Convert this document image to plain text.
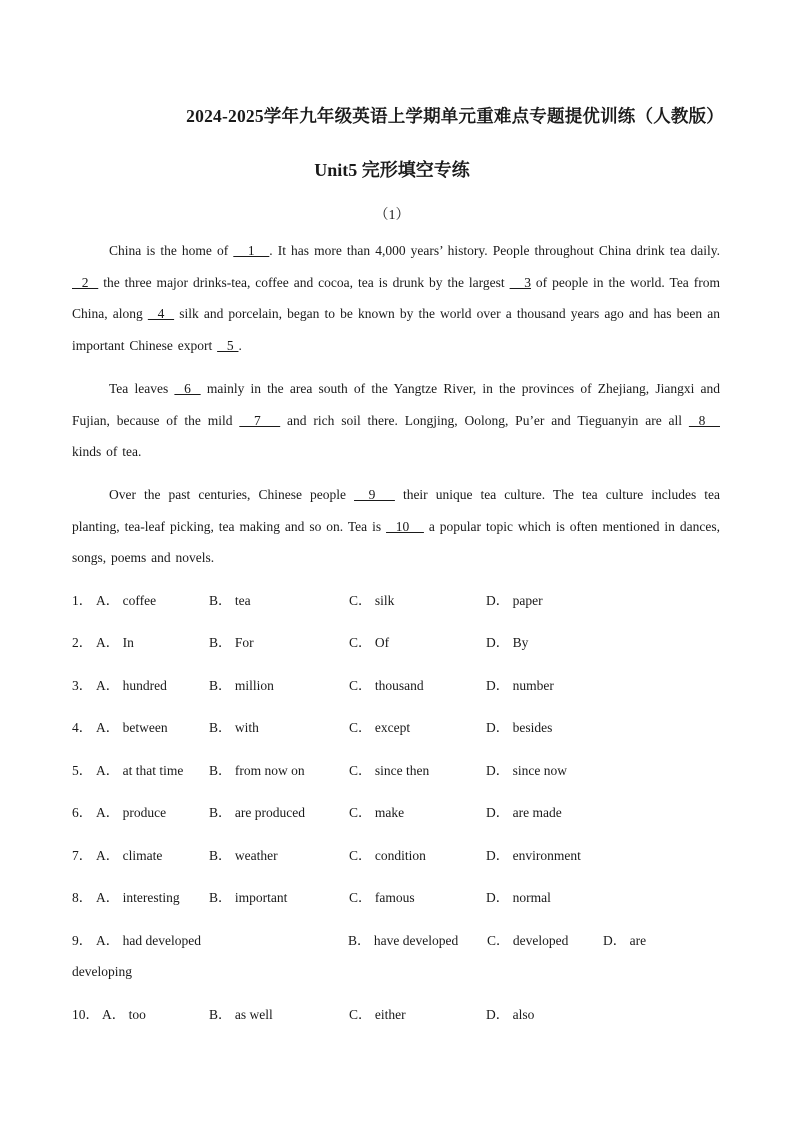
2024-2025学年九年级英语上学期单元重难点专题提优训练（人教版）
Unit5 完形填空专练
（1）
China is the home of    1   . It has more than 4,000 years’ history. People throughout China drink tea daily.   2   the three major drinks-tea, coffee and cocoa, tea is drunk by the largest    3 of people in the world. Tea from China, along   4   silk and porcelain, began to be known by the world over a thousand years ago and has been an important Chinese export   5 .
Tea leaves   6   mainly in the area south of the Yangtze River, in the provinces of Zhejiang, Jiangxi and Fujian, because of the mild    7     and rich soil there. Longjing, Oolong, Pu’er and Tieguanyin are all   8    kinds of tea.
Over the past centuries, Chinese people    9     their unique tea culture. The tea culture includes tea planting, tea-leaf picking, tea making and so on. Tea is   10    a popular topic which is often mentioned in dances, songs, poems and novels.
1． A． coffee	B． tea	C． silk	D． paper
2． A． In	B． For	C． Of	D． By
3． A． hundred	B． million	C． thousand	D． number
4． A． between	B． with	C． except	D． besides
5． A． at that time B． from now on	C． since then	D． since now
6． A． produce	B． are produced	C． make	D． are made
7． A． climate	B． weather	C． condition	D． environment
8． A． interesting B． important	C． famous	D． normal
9． A． had developed	B． have developed C． developed	D． are
developing
10． A． too	B． as well	C． either	D． also
